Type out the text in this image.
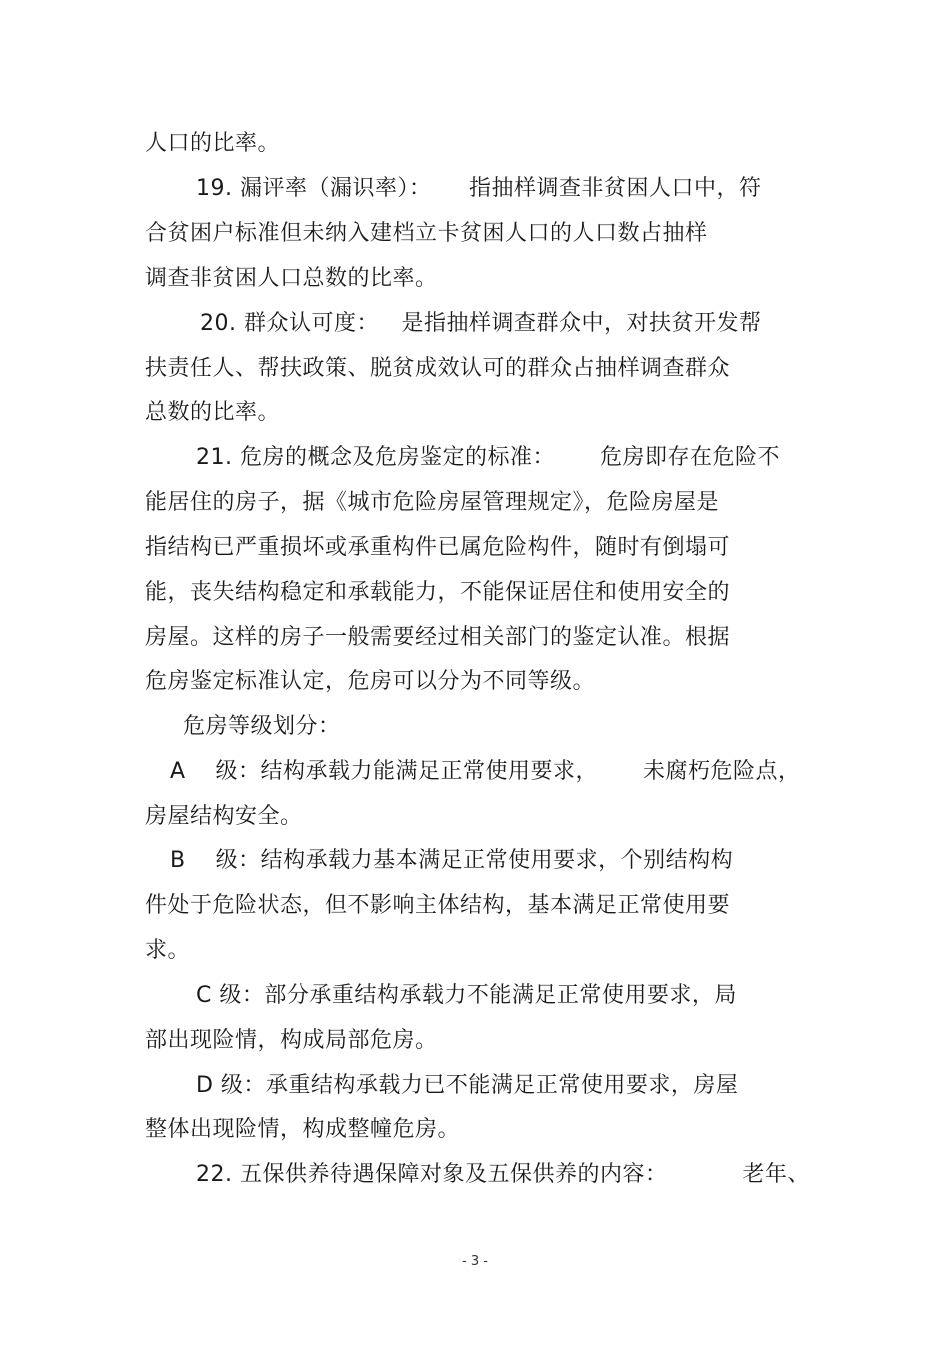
人口的比率。
19. 漏评率（漏识率）：     指抽样调查非贫困人口中，符
合贫困户标准但未纳入建档立卡贫困人口的人口数占抽样
调查非贫困人口总数的比率。
20. 群众认可度：   是指抽样调查群众中，对扶贫开发帮
扶责任人、帮扶政策、脱贫成效认可的群众占抽样调查群众
总数的比率。
21. 危房的概念及危房鉴定的标准：      危房即存在危险不
能居住的房子，据《城市危险房屋管理规定》，危险房屋是
指结构已严重损坏或承重构件已属危险构件，随时有倒塌可
能，丧失结构稳定和承载能力，不能保证居住和使用安全的
房屋。这样的房子一般需要经过相关部门的鉴定认准。根据
危房鉴定标准认定，危房可以分为不同等级。
危房等级划分：
A    级：结构承载力能满足正常使用要求，      未腐朽危险点，
房屋结构安全。
B    级：结构承载力基本满足正常使用要求，个别结构构
件处于危险状态，但不影响主体结构，基本满足正常使用要
求。
C 级：部分承重结构承载力不能满足正常使用要求，局
部出现险情，构成局部危房。
D 级：承重结构承载力已不能满足正常使用要求，房屋
整体出现险情，构成整幢危房。
22. 五保供养待遇保障对象及五保供养的内容：          老年、
- 3 -
